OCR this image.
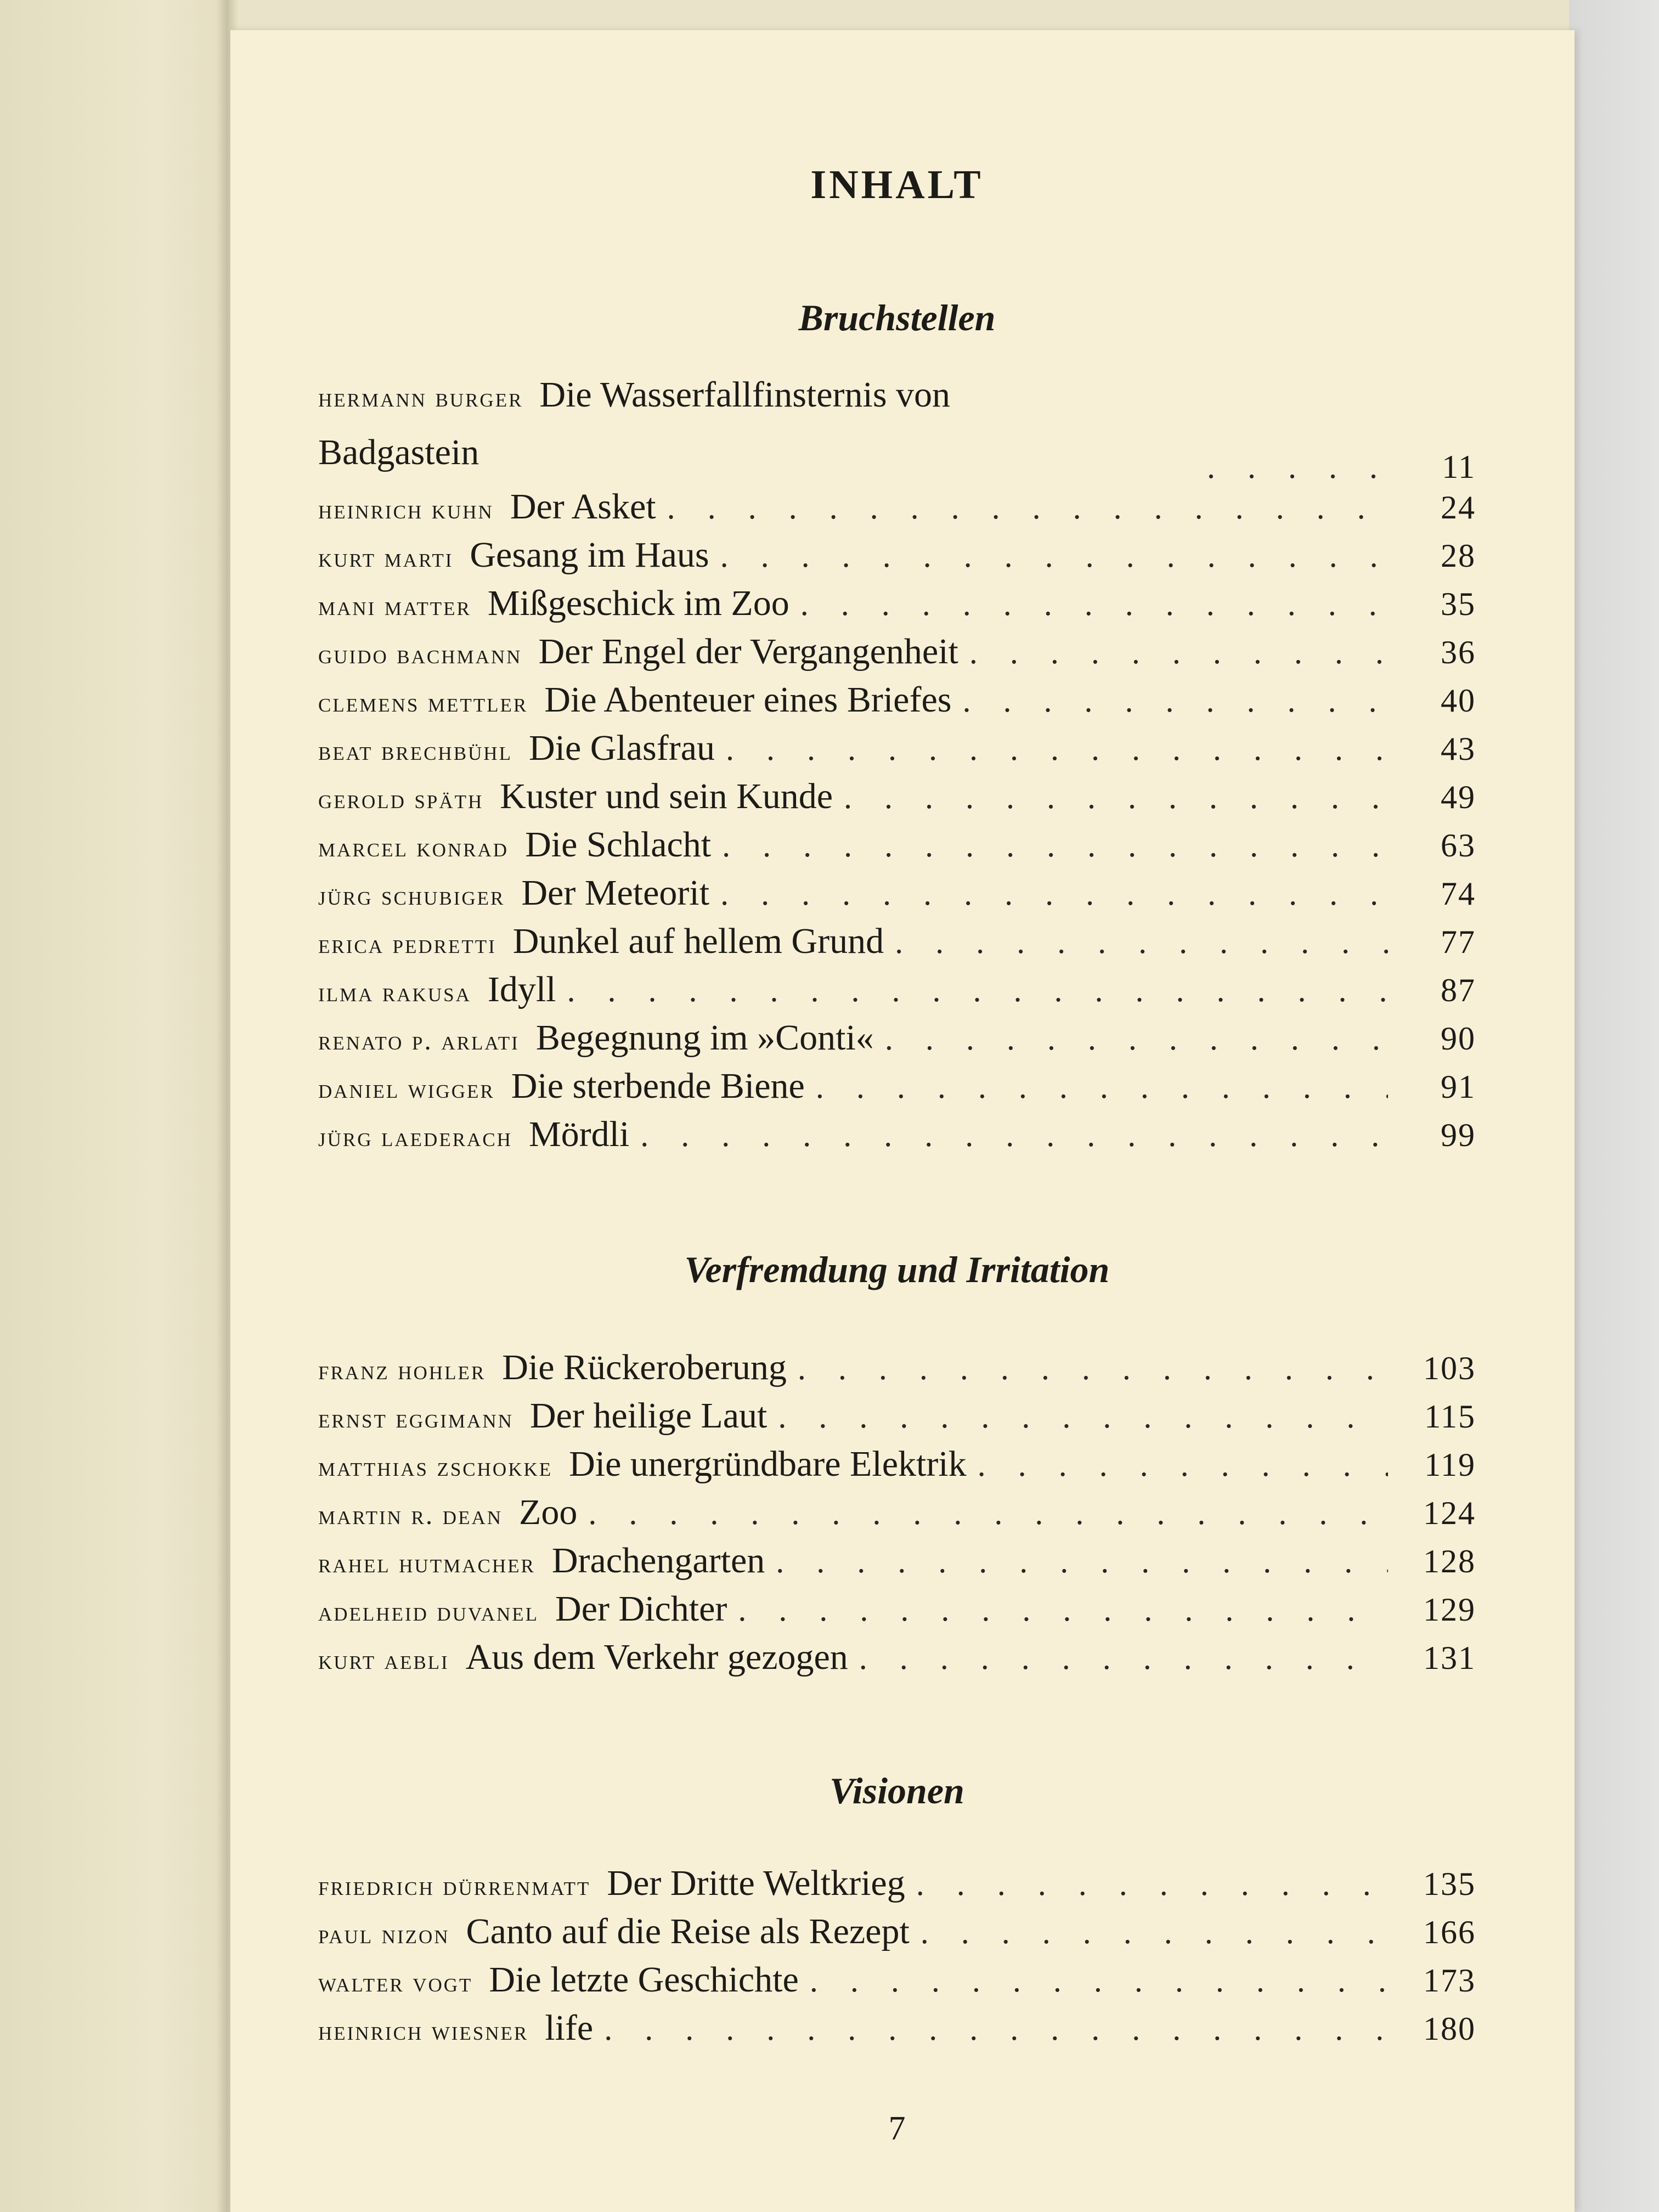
INHALT
Bruchstellen
hermann burger Die Wasserfallfinsternis von
Badgastein . . .	11
heinrich kuhn Der Asket . . .	24
kurt marti Gesang im Haus . . .	28
mani matter Mißgeschick im Zoo . . .	35
guido bachmann Der Engel der Vergangenheit . . .	36
clemens mettler Die Abenteuer eines Briefes . . .	40
beat brechbühl Die Glasfrau . . .	43
gerold späth Kuster und sein Kunde . . .	49
marcel konrad Die Schlacht . . .	63
jürg schubiger Der Meteorit . . .	74
erica pedretti Dunkel auf hellem Grund . . .	77
ilma rakusa Idyll . . .	87
renato p. arlati Begegnung im »Conti« . . .	90
daniel wigger Die sterbende Biene . . .	91
jürg laederach Mördli . . .	99
Verfremdung und Irritation
franz hohler Die Rückeroberung . . .	103
ernst eggimann Der heilige Laut . . .	115
matthias zschokke Die unergründbare Elektrik . . .	119
martin r. dean Zoo . . .	124
rahel hutmacher Drachengarten . . .	128
adelheid duvanel Der Dichter . . .	129
kurt aebli Aus dem Verkehr gezogen . . .	131
Visionen
friedrich dürrenmatt Der Dritte Weltkrieg . . .	135
paul nizon Canto auf die Reise als Rezept . . .	166
walter vogt Die letzte Geschichte . . .	173
heinrich wiesner life . . .	180

7
